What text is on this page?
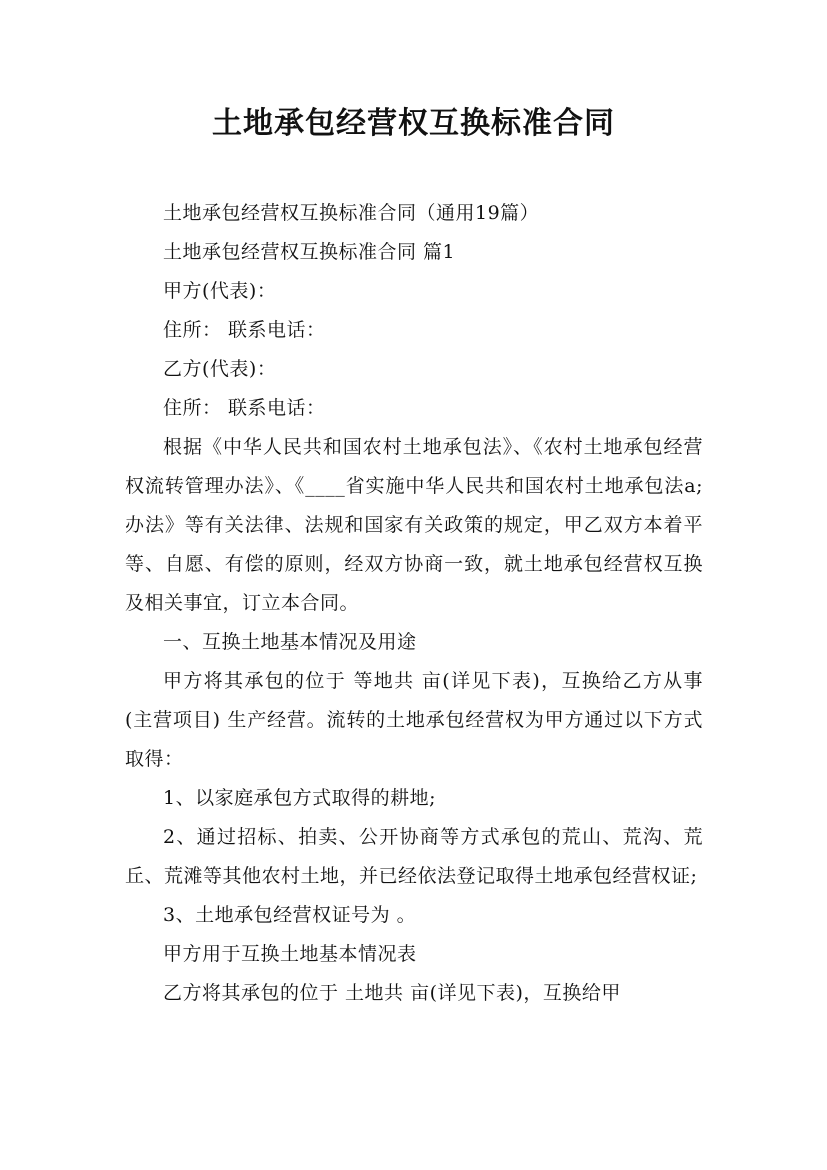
土地承包经营权互换标准合同

土地承包经营权互换标准合同（通用19篇）

土地承包经营权互换标准合同 篇1

甲方(代表)：

住所： 联系电话：

乙方(代表)：

住所： 联系电话：

根据《中华人民共和国农村土地承包法》、《农村土地承包经营权流转管理办法》、《____省实施中华人民共和国农村土地承包法a;办法》等有关法律、法规和国家有关政策的规定，甲乙双方本着平等、自愿、有偿的原则，经双方协商一致，就土地承包经营权互换及相关事宜，订立本合同。

一、互换土地基本情况及用途

甲方将其承包的位于 等地共 亩(详见下表)，互换给乙方从事(主营项目) 生产经营。流转的土地承包经营权为甲方通过以下方式取得：

1、以家庭承包方式取得的耕地;

2、通过招标、拍卖、公开协商等方式承包的荒山、荒沟、荒丘、荒滩等其他农村土地，并已经依法登记取得土地承包经营权证;

3、土地承包经营权证号为 。

甲方用于互换土地基本情况表

乙方将其承包的位于 土地共 亩(详见下表)，互换给甲
